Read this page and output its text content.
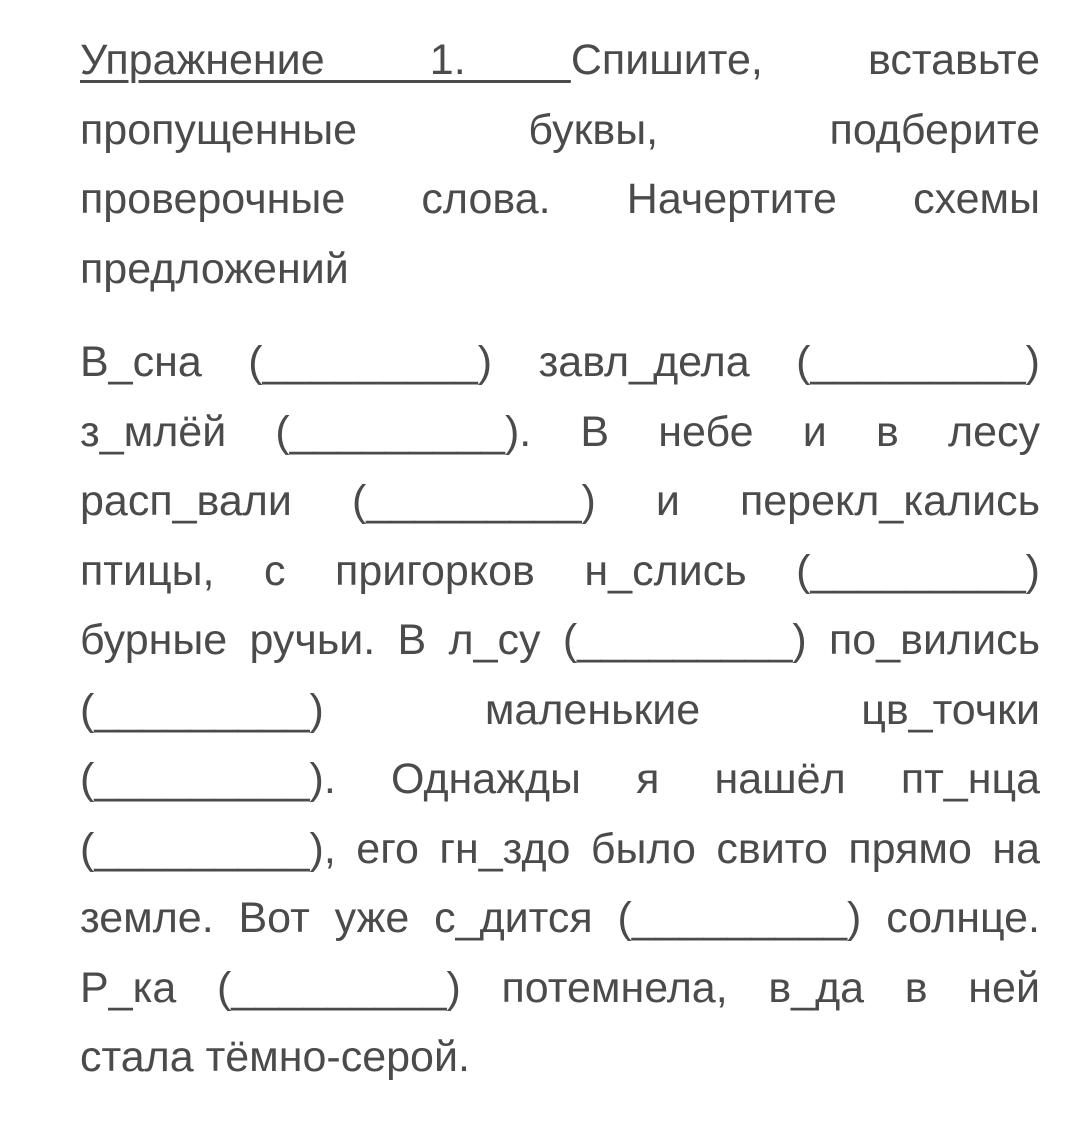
Упражнение 1. Спишите, вставьте
пропущенные буквы, подберите
проверочные слова. Начертите схемы
предложений
В_сна (_________) завл_дела (_________)
з_млёй (_________). В небе и в лесу
расп_вали (_________) и перекл_кались
птицы, с пригорков н_слись (_________)
бурные ручьи. В л_су (_________) по_вились
(_________) маленькие цв_точки
(_________). Однажды я нашёл пт_нца
(_________), его гн_здо было свито прямо на
земле. Вот уже с_дится (_________) солнце.
Р_ка (_________) потемнела, в_да в ней
стала тёмно-серой.
